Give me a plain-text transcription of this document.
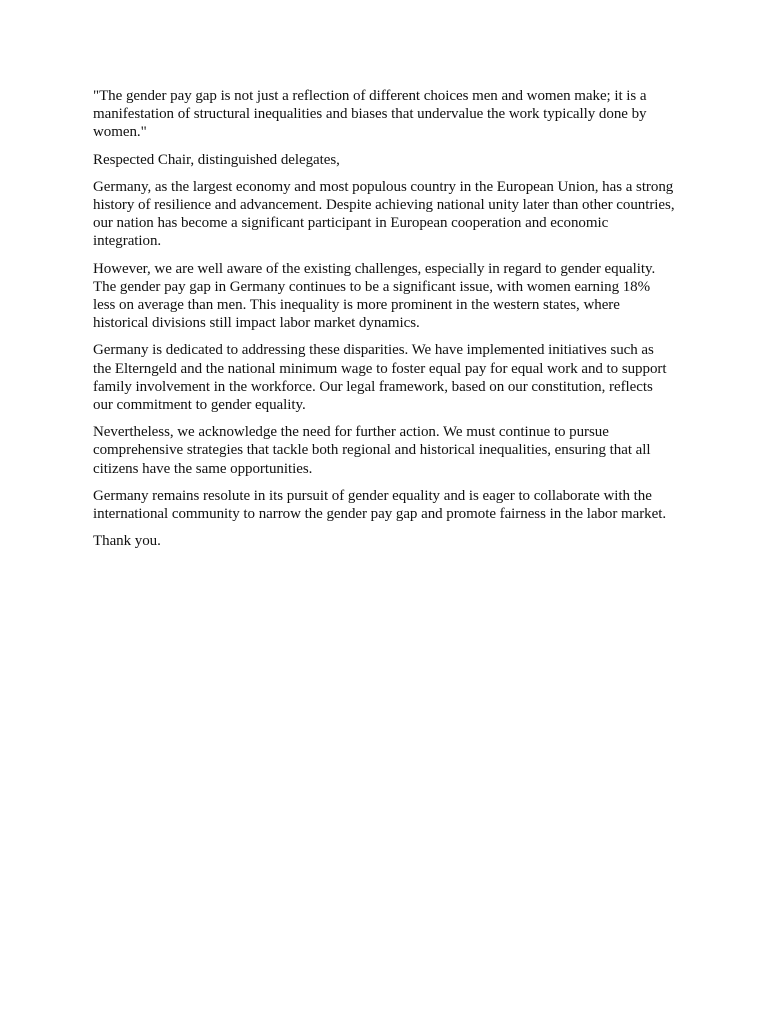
"The gender pay gap is not just a reflection of different choices men and women make; it is a manifestation of structural inequalities and biases that undervalue the work typically done by women."

Respected Chair, distinguished delegates,

Germany, as the largest economy and most populous country in the European Union, has a strong history of resilience and advancement. Despite achieving national unity later than other countries, our nation has become a significant participant in European cooperation and economic integration.

However, we are well aware of the existing challenges, especially in regard to gender equality. The gender pay gap in Germany continues to be a significant issue, with women earning 18% less on average than men. This inequality is more prominent in the western states, where historical divisions still impact labor market dynamics.

Germany is dedicated to addressing these disparities. We have implemented initiatives such as the Elterngeld and the national minimum wage to foster equal pay for equal work and to support family involvement in the workforce. Our legal framework, based on our constitution, reflects our commitment to gender equality.

Nevertheless, we acknowledge the need for further action. We must continue to pursue comprehensive strategies that tackle both regional and historical inequalities, ensuring that all citizens have the same opportunities.

Germany remains resolute in its pursuit of gender equality and is eager to collaborate with the international community to narrow the gender pay gap and promote fairness in the labor market.

Thank you.
